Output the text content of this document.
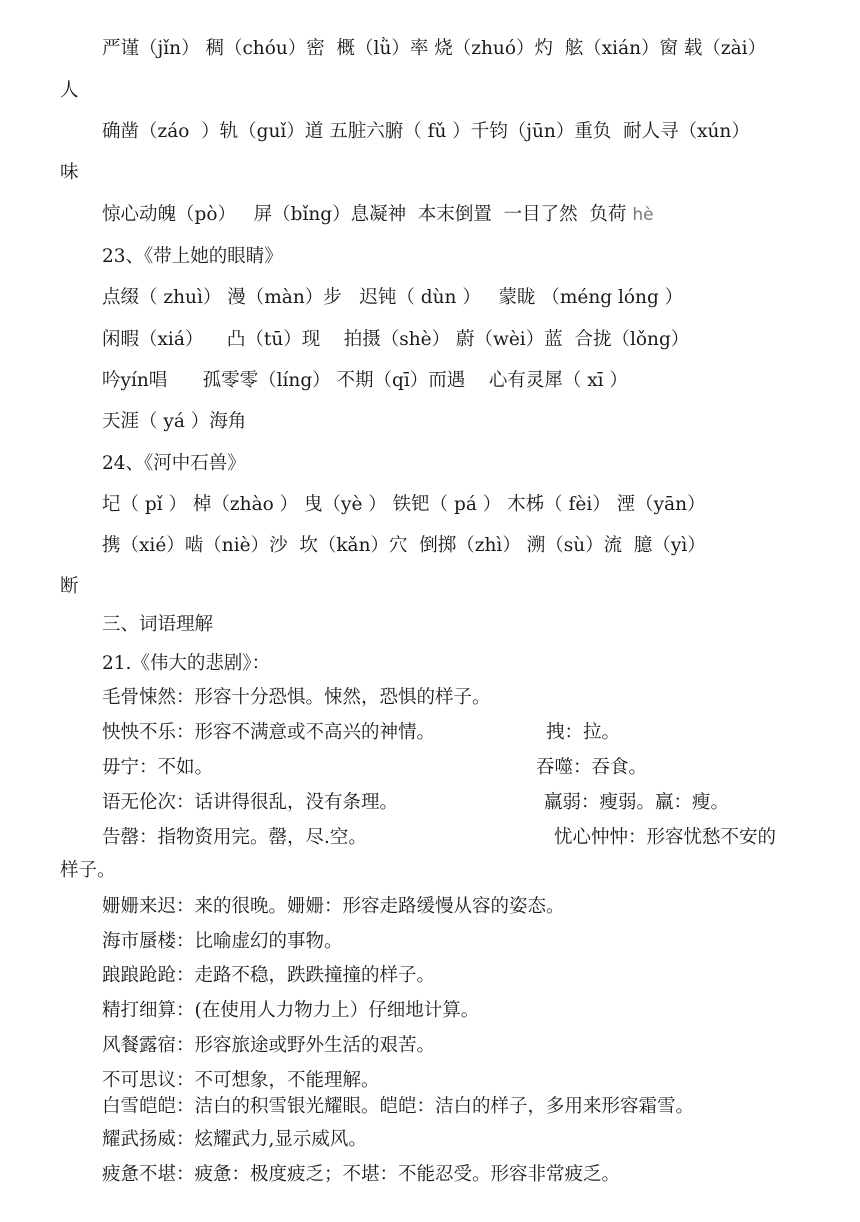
严谨（jǐn） 稠（chóu）密  概（lǜ）率 烧（zhuó）灼  舷（xián）窗 载（zài）
人
确凿（záo  ）轨（guǐ）道 五脏六腑（ fǔ ）千钧（jūn）重负  耐人寻（xún）
味
惊心动魄（pò）   屏（bǐng）息凝神  本末倒置  一目了然  负荷 hè
23、《带上她的眼睛》
点缀（ zhuì） 漫（màn）步   迟钝（ dùn ）   蒙眬 （méng lóng ）
闲暇（xiá）    凸（tū）现    拍摄（shè） 蔚（wèi）蓝  合拢（lǒng）
吟yín唱      孤零零（líng） 不期（qī）而遇    心有灵犀（ xī ）
天涯（ yá ）海角
24、《河中石兽》
圮（ pǐ ） 棹（zhào ） 曳（yè ） 铁钯（ pá ） 木柹（ fèi） 湮（yān）
携（xié）啮（niè）沙  坎（kǎn）穴  倒掷（zhì） 溯（sù）流  臆（yì）
断
三、词语理解
21.《伟大的悲剧》：
毛骨悚然：形容十分恐惧。悚然，恐惧的样子。
怏怏不乐：形容不满意或不高兴的神情。	拽：拉。
毋宁：不如。	吞噬：吞食。
语无伦次：话讲得很乱，没有条理。	羸弱：瘦弱。羸：瘦。
告罄：指物资用完。罄，尽.空。	忧心忡忡：形容忧愁不安的
样子。
姗姗来迟：来的很晚。姗姗：形容走路缓慢从容的姿态。
海市蜃楼：比喻虚幻的事物。
踉踉跄跄：走路不稳，跌跌撞撞的样子。
精打细算：(在使用人力物力上）仔细地计算。
风餐露宿：形容旅途或野外生活的艰苦。
不可思议：不可想象，不能理解。
白雪皑皑：洁白的积雪银光耀眼。皑皑：洁白的样子，多用来形容霜雪。
耀武扬威：炫耀武力,显示威风。
疲惫不堪：疲惫：极度疲乏；不堪：不能忍受。形容非常疲乏。
